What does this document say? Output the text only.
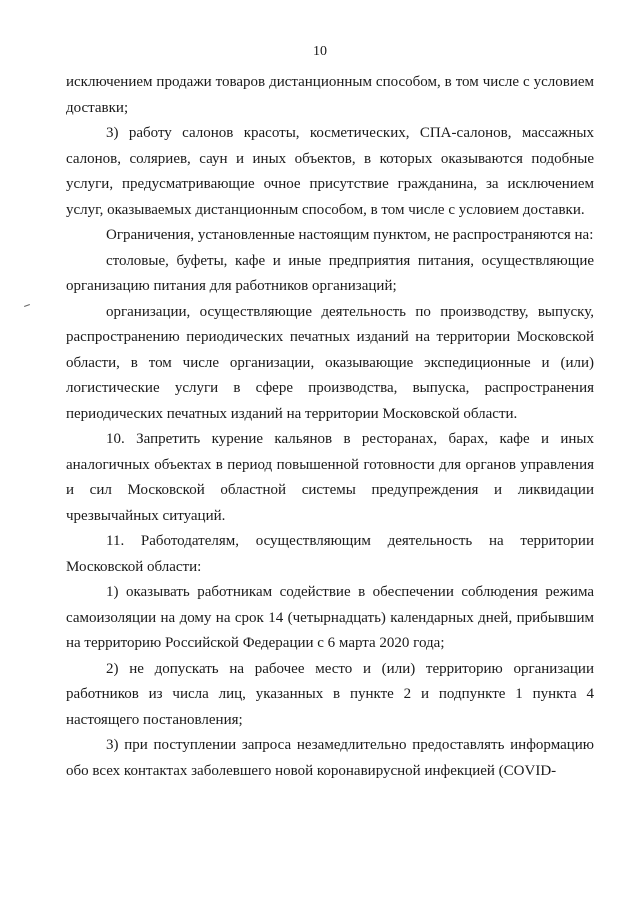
10

исключением продажи товаров дистанционным способом, в том числе с условием доставки;

3) работу салонов красоты, косметических, СПА-салонов, массажных салонов, соляриев, саун и иных объектов, в которых оказываются подобные услуги, предусматривающие очное присутствие гражданина, за исключением услуг, оказываемых дистанционным способом, в том числе с условием доставки.

Ограничения, установленные настоящим пунктом, не распространяются на:

столовые, буфеты, кафе и иные предприятия питания, осуществляющие организацию питания для работников организаций;

организации, осуществляющие деятельность по производству, выпуску, распространению периодических печатных изданий на территории Московской области, в том числе организации, оказывающие экспедиционные и (или) логистические услуги в сфере производства, выпуска, распространения периодических печатных изданий на территории Московской области.

10. Запретить курение кальянов в ресторанах, барах, кафе и иных аналогичных объектах в период повышенной готовности для органов управления и сил Московской областной системы предупреждения и ликвидации чрезвычайных ситуаций.

11. Работодателям, осуществляющим деятельность на территории Московской области:

1) оказывать работникам содействие в обеспечении соблюдения режима самоизоляции на дому на срок 14 (четырнадцать) календарных дней, прибывшим на территорию Российской Федерации с 6 марта 2020 года;

2) не допускать на рабочее место и (или) территорию организации работников из числа лиц, указанных в пункте 2 и подпункте 1 пункта 4 настоящего постановления;

3) при поступлении запроса незамедлительно предоставлять информацию обо всех контактах заболевшего новой коронавирусной инфекцией (COVID-
